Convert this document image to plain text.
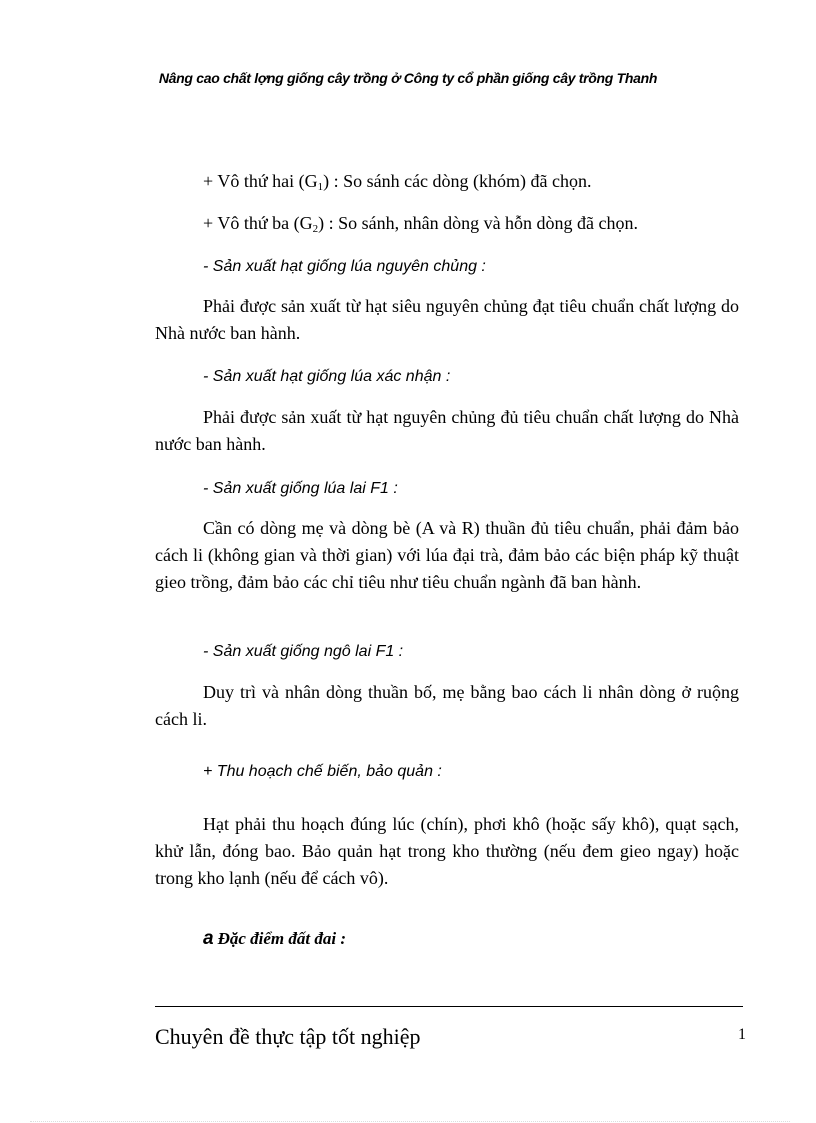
Nâng cao chất lợng giống cây trồng ở Công ty cổ phần giống cây trồng Thanh
+ Vô thứ hai $(G_1)$ : So sánh các dòng (khóm) đã chọn.
+ Vô thứ ba $(G_2)$ : So sánh, nhân dòng và hỗn dòng đã chọn.
- Sản xuất hạt giống lúa nguyên chủng :

Phải được sản xuất từ hạt siêu nguyên chủng đạt tiêu chuẩn chất lượng do Nhà nước ban hành.

- Sản xuất hạt giống lúa xác nhận :

Phải được sản xuất từ hạt nguyên chủng đủ tiêu chuẩn chất lượng do Nhà nước ban hành.

- Sản xuất giống lúa lai F1 :

Cần có dòng mẹ và dòng bè (A và R) thuần đủ tiêu chuẩn, phải đảm bảo cách li (không gian và thời gian) với lúa đại trà, đảm bảo các biện pháp kỹ thuật gieo trồng, đảm bảo các chỉ tiêu như tiêu chuẩn ngành đã ban hành.

- Sản xuất giống ngô lai F1 :

Duy trì và nhân dòng thuần bố, mẹ bằng bao cách li nhân dòng ở ruộng cách li.

+ Thu hoạch chế biến, bảo quản :

Hạt phải thu hoạch đúng lúc (chín), phơi khô (hoặc sấy khô), quạt sạch, khử lẫn, đóng bao. Bảo quản hạt trong kho thường (nếu đem gieo ngay) hoặc trong kho lạnh (nếu để cách vô).

a Đặc điểm đất đai :
Chuyên đề thực tập tốt nghiệp	1
